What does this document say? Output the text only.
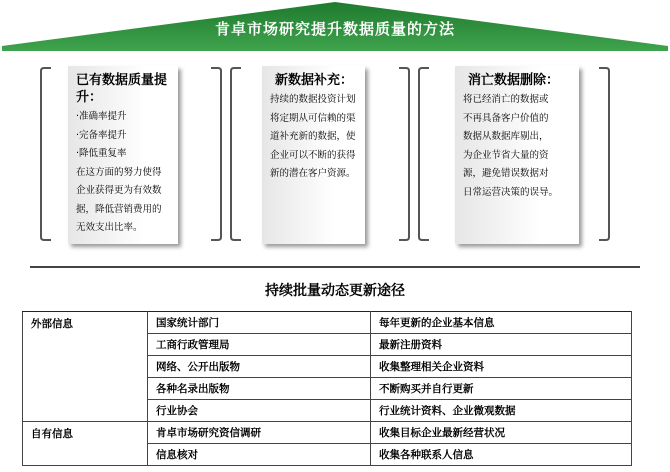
肯卓市场研究提升数据质量的方法
已有数据质量提
升：
·准确率提升
·完备率提升
·降低重复率
在这方面的努力使得
企业获得更为有效数
据，降低营销费用的
无效支出比率。
新数据补充：
持续的数据投资计划
将定期从可信赖的渠
道补充新的数据，使
企业可以不断的获得
新的潜在客户资源。
消亡数据删除：
将已经消亡的数据或
不再具备客户价值的
数据从数据库剔出，
为企业节省大量的资
源，避免错误数据对
日常运营决策的误导。
持续批量动态更新途径
外部信息	国家统计部门	每年更新的企业基本信息
	工商行政管理局	最新注册资料
	网络、公开出版物	收集整理相关企业资料
	各种名录出版物	不断购买并自行更新
	行业协会	行业统计资料、企业微观数据
自有信息	肯卓市场研究资信调研	收集目标企业最新经营状况
	信息核对	收集各种联系人信息
